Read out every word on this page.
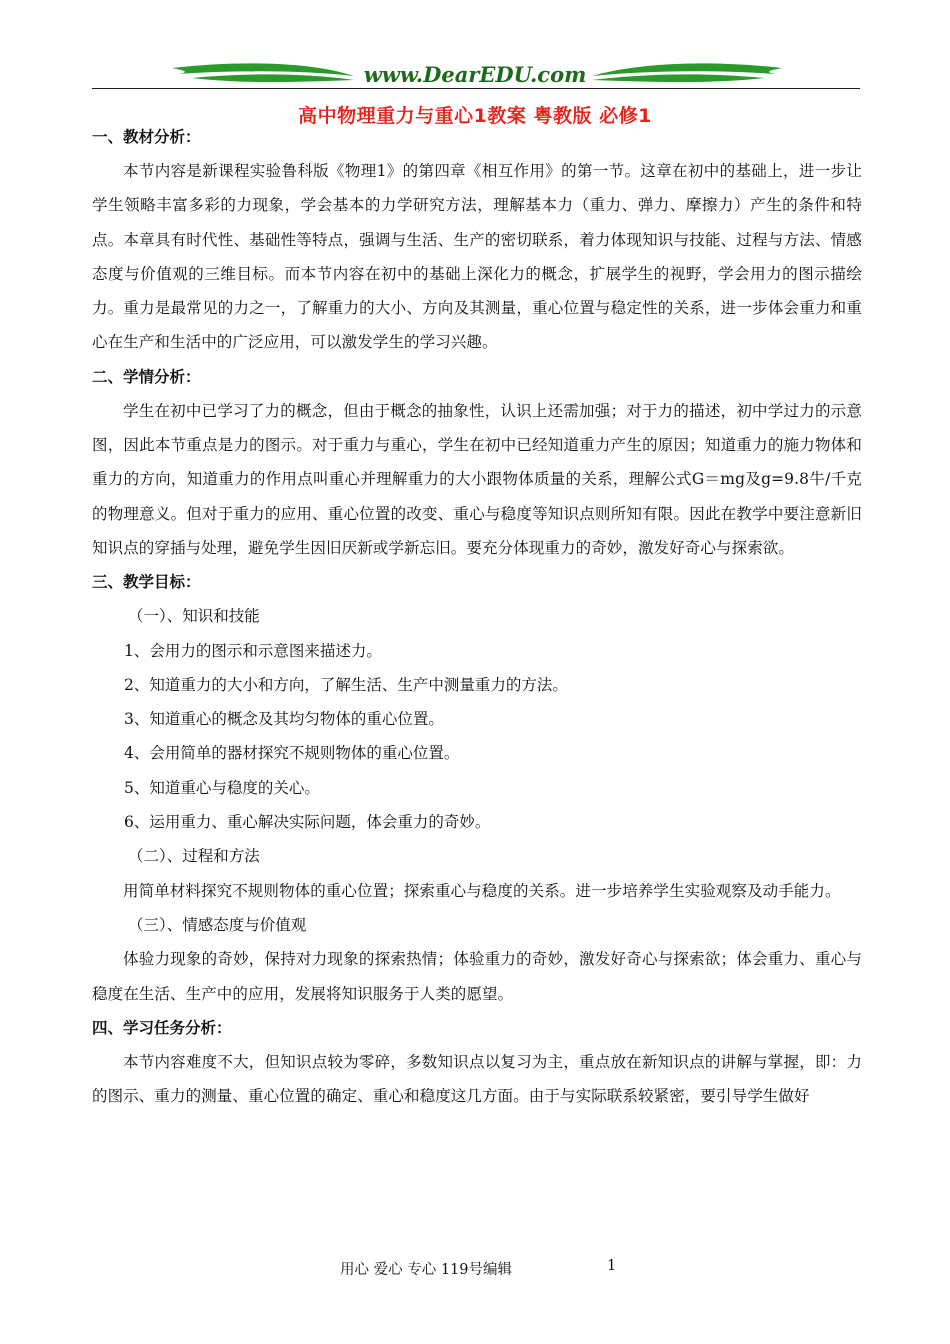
www.DearEDU.com
高中物理重力与重心1教案 粤教版 必修1

一、教材分析：

本节内容是新课程实验鲁科版《物理1》的第四章《相互作用》的第一节。这章在初中的基础上，进一步让学生领略丰富多彩的力现象，学会基本的力学研究方法，理解基本力（重力、弹力、摩擦力）产生的条件和特点。本章具有时代性、基础性等特点，强调与生活、生产的密切联系，着力体现知识与技能、过程与方法、情感态度与价值观的三维目标。而本节内容在初中的基础上深化力的概念，扩展学生的视野，学会用力的图示描绘力。重力是最常见的力之一，了解重力的大小、方向及其测量，重心位置与稳定性的关系，进一步体会重力和重心在生产和生活中的广泛应用，可以激发学生的学习兴趣。

二、学情分析：

学生在初中已学习了力的概念，但由于概念的抽象性，认识上还需加强；对于力的描述，初中学过力的示意图，因此本节重点是力的图示。对于重力与重心，学生在初中已经知道重力产生的原因；知道重力的施力物体和重力的方向，知道重力的作用点叫重心并理解重力的大小跟物体质量的关系，理解公式G＝mg及g=9.8牛/千克的物理意义。但对于重力的应用、重心位置的改变、重心与稳度等知识点则所知有限。因此在教学中要注意新旧知识点的穿插与处理，避免学生因旧厌新或学新忘旧。要充分体现重力的奇妙，激发好奇心与探索欲。

三、教学目标：

（一）、知识和技能

1、会用力的图示和示意图来描述力。

2、知道重力的大小和方向，了解生活、生产中测量重力的方法。

3、知道重心的概念及其均匀物体的重心位置。

4、会用简单的器材探究不规则物体的重心位置。

5、知道重心与稳度的关心。

6、运用重力、重心解决实际问题，体会重力的奇妙。

（二）、过程和方法

用简单材料探究不规则物体的重心位置；探索重心与稳度的关系。进一步培养学生实验观察及动手能力。

（三）、情感态度与价值观

体验力现象的奇妙，保持对力现象的探索热情；体验重力的奇妙，激发好奇心与探索欲；体会重力、重心与稳度在生活、生产中的应用，发展将知识服务于人类的愿望。

四、学习任务分析：

本节内容难度不大，但知识点较为零碎，多数知识点以复习为主，重点放在新知识点的讲解与掌握，即：力的图示、重力的测量、重心位置的确定、重心和稳度这几方面。由于与实际联系较紧密，要引导学生做好

用心 爱心 专心 119号编辑	1
